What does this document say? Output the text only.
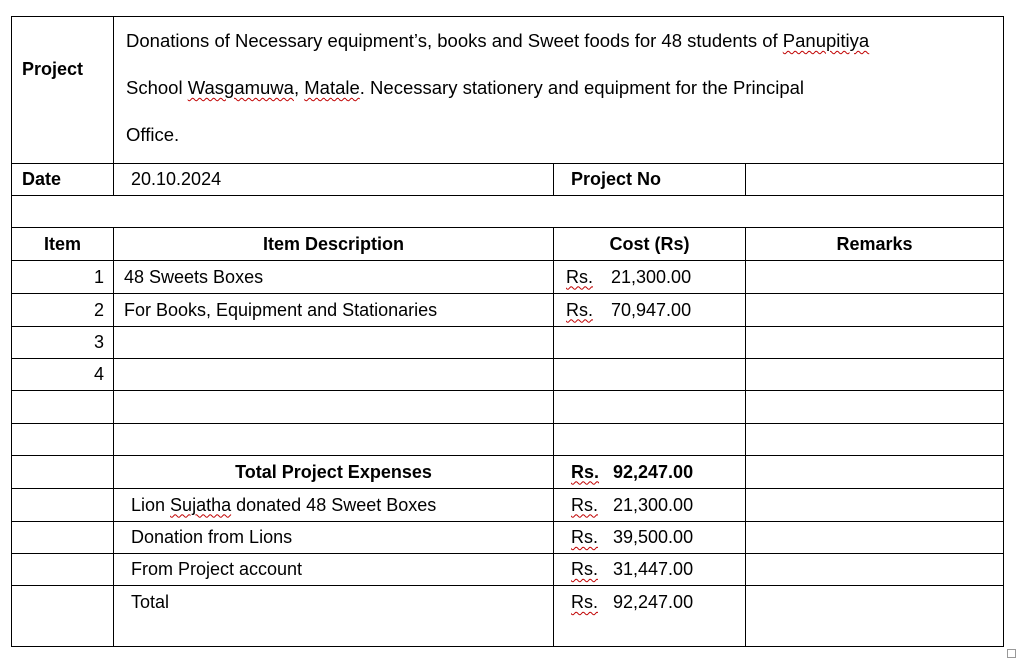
Project	Donations of Necessary equipment’s, books and Sweet foods for 48 students of Panupitiya
School Wasgamuwa, Matale. Necessary stationery and equipment for the Principal
Office.		

Date	20.10.2024	Project No	

Item	Item Description	Cost (Rs)	Remarks
1	48 Sweets Boxes	Rs. 21,300.00	
2	For Books, Equipment and Stationaries	Rs. 70,947.00	
3			
4			

	Total Project Expenses	Rs. 92,247.00	
	Lion Sujatha donated 48 Sweet Boxes	Rs. 21,300.00	
	Donation from Lions	Rs. 39,500.00	
	From Project account	Rs. 31,447.00	
	Total	Rs. 92,247.00	
